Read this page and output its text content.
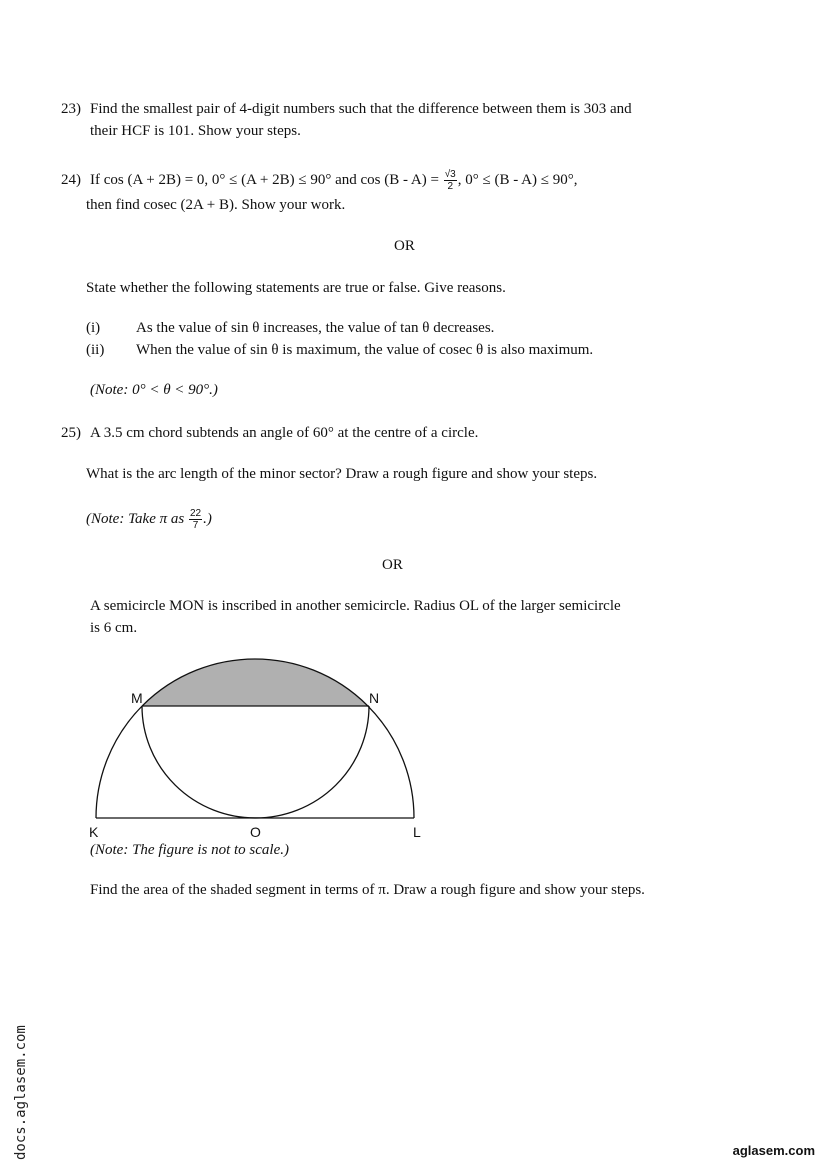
23) Find the smallest pair of 4-digit numbers such that the difference between them is 303 and
their HCF is 101. Show your steps.
24) If cos (A + 2B) = 0, 0° ≤ (A + 2B) ≤ 90° and $\cos (B - A) = \frac{√3}{2}$ , 0° ≤ (B - A) ≤ 90°,
then find cosec (2A + B). Show your work.
OR
State whether the following statements are true or false. Give reasons.
(i) As the value of sin θ increases, the value of tan θ decreases.
(ii) When the value of sin θ is maximum, the value of cosec θ is also maximum.
(Note: 0° < θ < 90°.)
25) A 3.5 cm chord subtends an angle of 60° at the centre of a circle.
What is the arc length of the minor sector? Draw a rough figure and show your steps.
(Note: Take π as $\frac{22}{7}$ .)
OR
A semicircle MON is inscribed in another semicircle. Radius OL of the larger semicircle
is 6 cm.
M	N
K	O	L
(Note: The figure is not to scale.)
Find the area of the shaded segment in terms of π. Draw a rough figure and show your steps.
docs.aglasem.com	aglasem.com
